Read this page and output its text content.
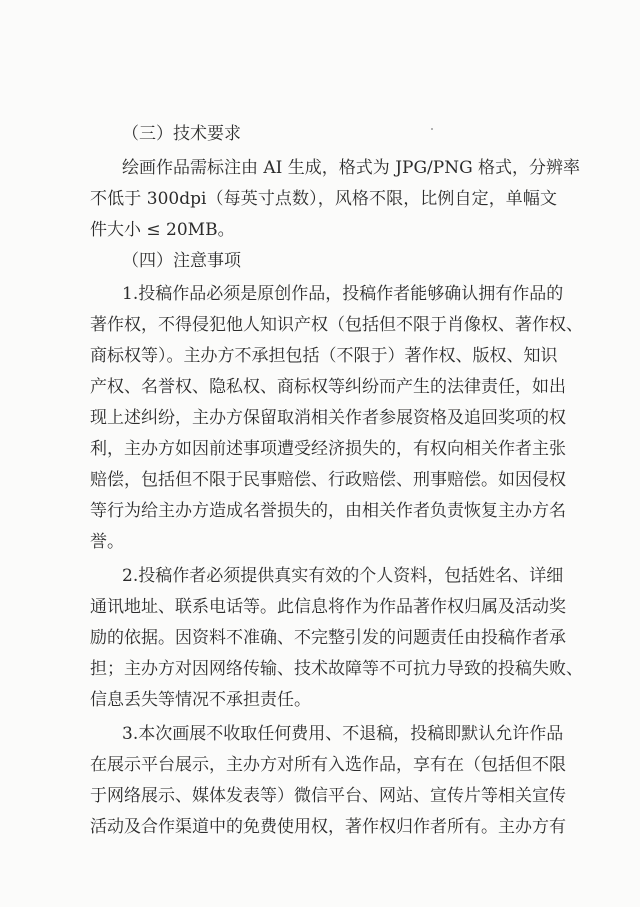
（三）技术要求
绘画作品需标注由 AI 生成，格式为 JPG/PNG 格式，分辨率
不低于 300dpi（每英寸点数），风格不限，比例自定，单幅文
件大小 ≤ 20MB。
（四）注意事项
1.投稿作品必须是原创作品，投稿作者能够确认拥有作品的
著作权，不得侵犯他人知识产权（包括但不限于肖像权、著作权、
商标权等）。主办方不承担包括（不限于）著作权、版权、知识
产权、名誉权、隐私权、商标权等纠纷而产生的法律责任，如出
现上述纠纷，主办方保留取消相关作者参展资格及追回奖项的权
利，主办方如因前述事项遭受经济损失的，有权向相关作者主张
赔偿，包括但不限于民事赔偿、行政赔偿、刑事赔偿。如因侵权
等行为给主办方造成名誉损失的，由相关作者负责恢复主办方名
誉。
2.投稿作者必须提供真实有效的个人资料，包括姓名、详细
通讯地址、联系电话等。此信息将作为作品著作权归属及活动奖
励的依据。因资料不准确、不完整引发的问题责任由投稿作者承
担；主办方对因网络传输、技术故障等不可抗力导致的投稿失败、
信息丢失等情况不承担责任。
3.本次画展不收取任何费用、不退稿，投稿即默认允许作品
在展示平台展示，主办方对所有入选作品，享有在（包括但不限
于网络展示、媒体发表等）微信平台、网站、宣传片等相关宣传
活动及合作渠道中的免费使用权，著作权归作者所有。主办方有
